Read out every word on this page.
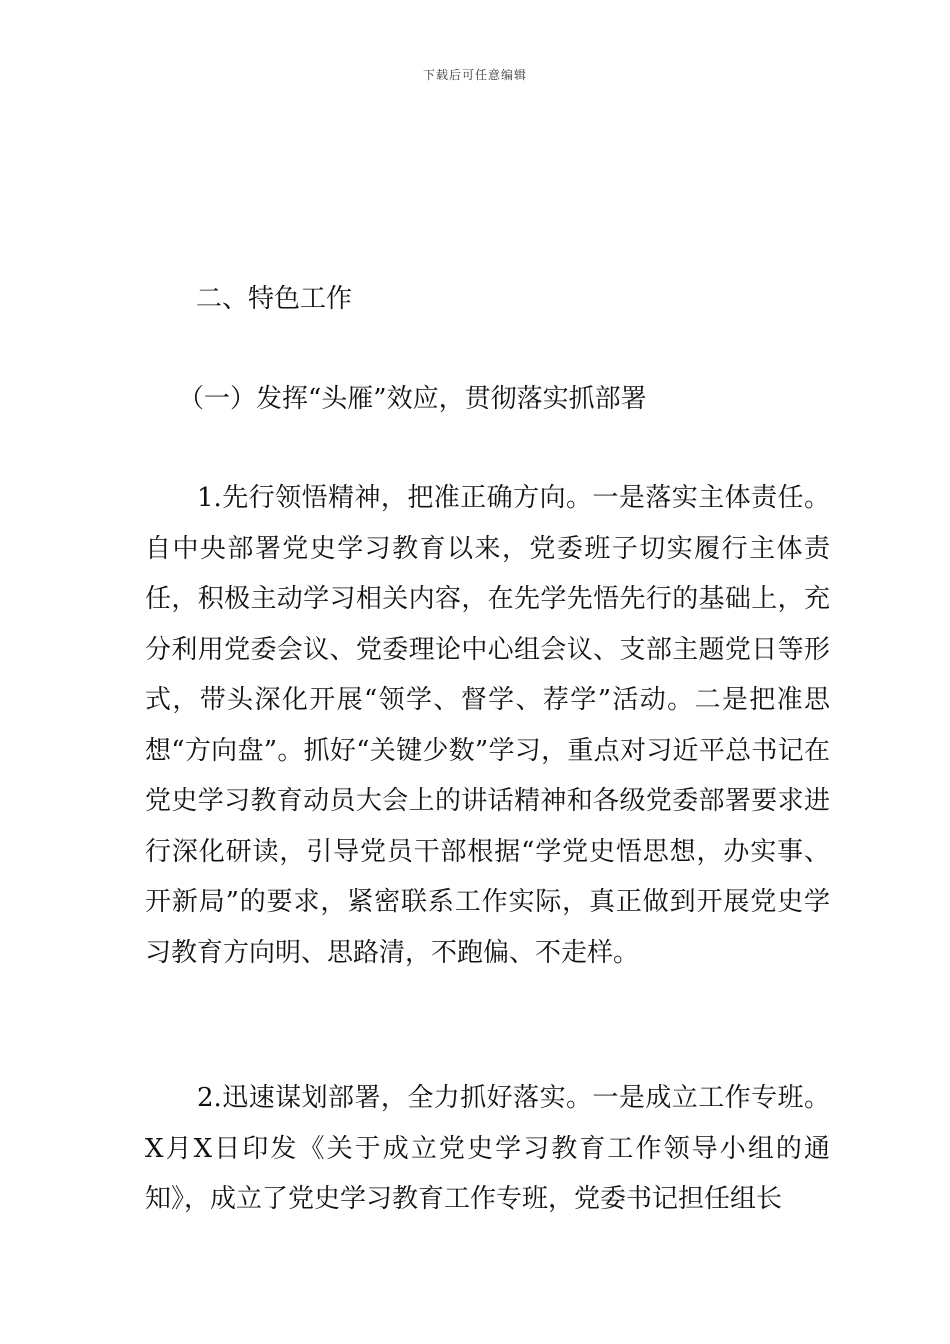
下载后可任意编辑
二、特色工作
（一）发挥“头雁”效应，贯彻落实抓部署

1.先行领悟精神，把准正确方向。一是落实主体责任。自中央部署党史学习教育以来，党委班子切实履行主体责任，积极主动学习相关内容，在先学先悟先行的基础上，充分利用党委会议、党委理论中心组会议、支部主题党日等形式，带头深化开展“领学、督学、荐学”活动。二是把准思想“方向盘”。抓好“关键少数”学习，重点对习近平总书记在党史学习教育动员大会上的讲话精神和各级党委部署要求进行深化研读，引导党员干部根据“学党史悟思想，办实事、开新局”的要求，紧密联系工作实际，真正做到开展党史学习教育方向明、思路清，不跑偏、不走样。

2.迅速谋划部署，全力抓好落实。一是成立工作专班。X月X日印发《关于成立党史学习教育工作领导小组的通知》，成立了党史学习教育工作专班，党委书记担任组长
